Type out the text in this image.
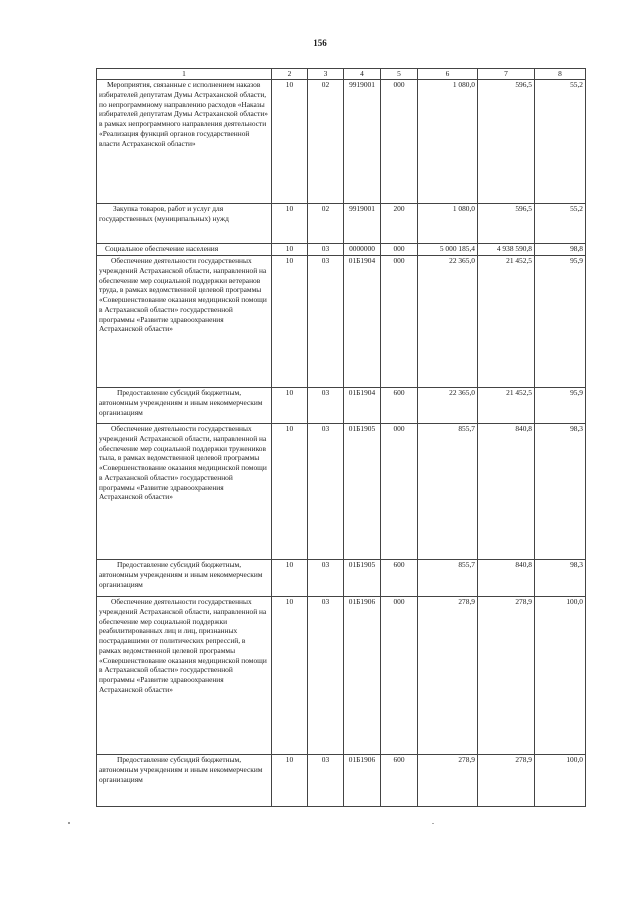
156
1	2	3	4	5	6	7	8
Мероприятия, связанные с исполнением наказов избирателей депутатам Думы Астраханской области, по непрограммному направлению расходов «Наказы избирателей депутатам Думы Астраханской области» в рамках непрограммного направления деятельности «Реализация функций органов государственной власти Астраханской области»	10	02	9919001	000	1 080,0	596,5	55,2
Закупка товаров, работ и услуг для государственных (муниципальных) нужд	10	02	9919001	200	1 080,0	596,5	55,2
Социальное обеспечение населения	10	03	0000000	000	5 000 185,4	4 938 590,8	98,8
Обеспечение деятельности государственных учреждений Астраханской области, направленной на обеспечение мер социальной поддержки ветеранов труда, в рамках ведомственной целевой программы «Совершенствование оказания медицинской помощи в Астраханской области» государственной программы «Развитие здравоохранения Астраханской области»	10	03	01Б1904	000	22 365,0	21 452,5	95,9
Предоставление субсидий бюджетным, автономным учреждениям и иным некоммерческим организациям	10	03	01Б1904	600	22 365,0	21 452,5	95,9
Обеспечение деятельности государственных учреждений Астраханской области, направленной на обеспечение мер социальной поддержки тружеников тыла, в рамках ведомственной целевой программы «Совершенствование оказания медицинской помощи в Астраханской области» государственной программы «Развитие здравоохранения Астраханской области»	10	03	01Б1905	000	855,7	840,8	98,3
Предоставление субсидий бюджетным, автономным учреждениям и иным некоммерческим организациям	10	03	01Б1905	600	855,7	840,8	98,3
Обеспечение деятельности государственных учреждений Астраханской области, направленной на обеспечение мер социальной поддержки реабилитированных лиц и лиц, признанных пострадавшими от политических репрессий, в рамках ведомственной целевой программы «Совершенствование оказания медицинской помощи в Астраханской области» государственной программы «Развитие здравоохранения Астраханской области»	10	03	01Б1906	000	278,9	278,9	100,0
Предоставление субсидий бюджетным, автономным учреждениям и иным некоммерческим организациям	10	03	01Б1906	600	278,9	278,9	100,0
